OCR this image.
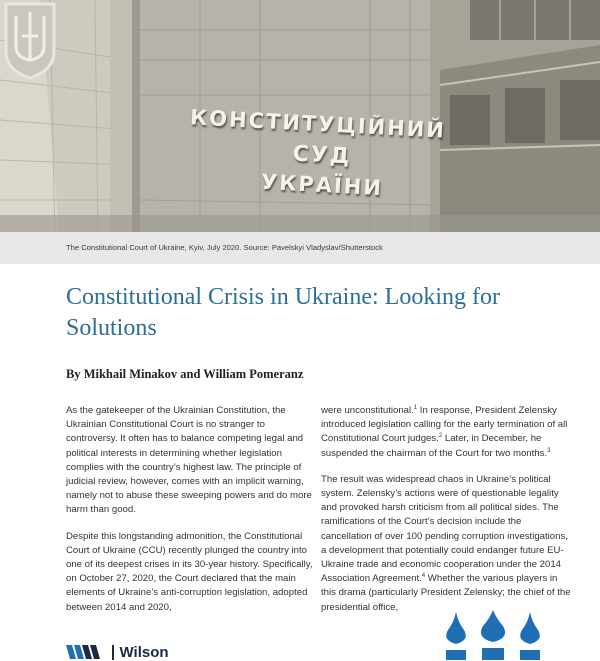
КОНСТИТУЦІЙНИЙ
СУД
УКРАЇНИ
The Constitutional Court of Ukraine, Kyiv, July 2020. Source: Pavelskyi Vladyslav/Shutterstock
Constitutional Crisis in Ukraine: Looking for Solutions
By Mikhail Minakov and William Pomeranz

As the gatekeeper of the Ukrainian Constitution, the Ukrainian Constitutional Court is no stranger to controversy. It often has to balance competing legal and political interests in determining whether legislation complies with the country’s highest law. The principle of judicial review, however, comes with an implicit warning, namely not to abuse these sweeping powers and do more harm than good.

Despite this longstanding admonition, the Constitutional Court of Ukraine (CCU) recently plunged the country into one of its deepest crises in its 30-year history. Specifically, on October 27, 2020, the Court declared that the main elements of Ukraine’s anti-corruption legislation, adopted between 2014 and 2020,

were unconstitutional.$^1$ In response, President Zelensky introduced legislation calling for the early termination of all Constitutional Court judges.$^2$ Later, in December, he suspended the chairman of the Court for two months.$^3$

The result was widespread chaos in Ukraine’s political system. Zelensky’s actions were of questionable legality and provoked harsh criticism from all political sides. The ramifications of the Court’s decision include the cancellation of over 100 pending corruption investigations, a development that potentially could endanger future EU-Ukraine trade and economic cooperation under the 2014 Association Agreement.$^4$ Whether the various players in this drama (particularly President Zelensky; the chief of the presidential office,

Wilson
